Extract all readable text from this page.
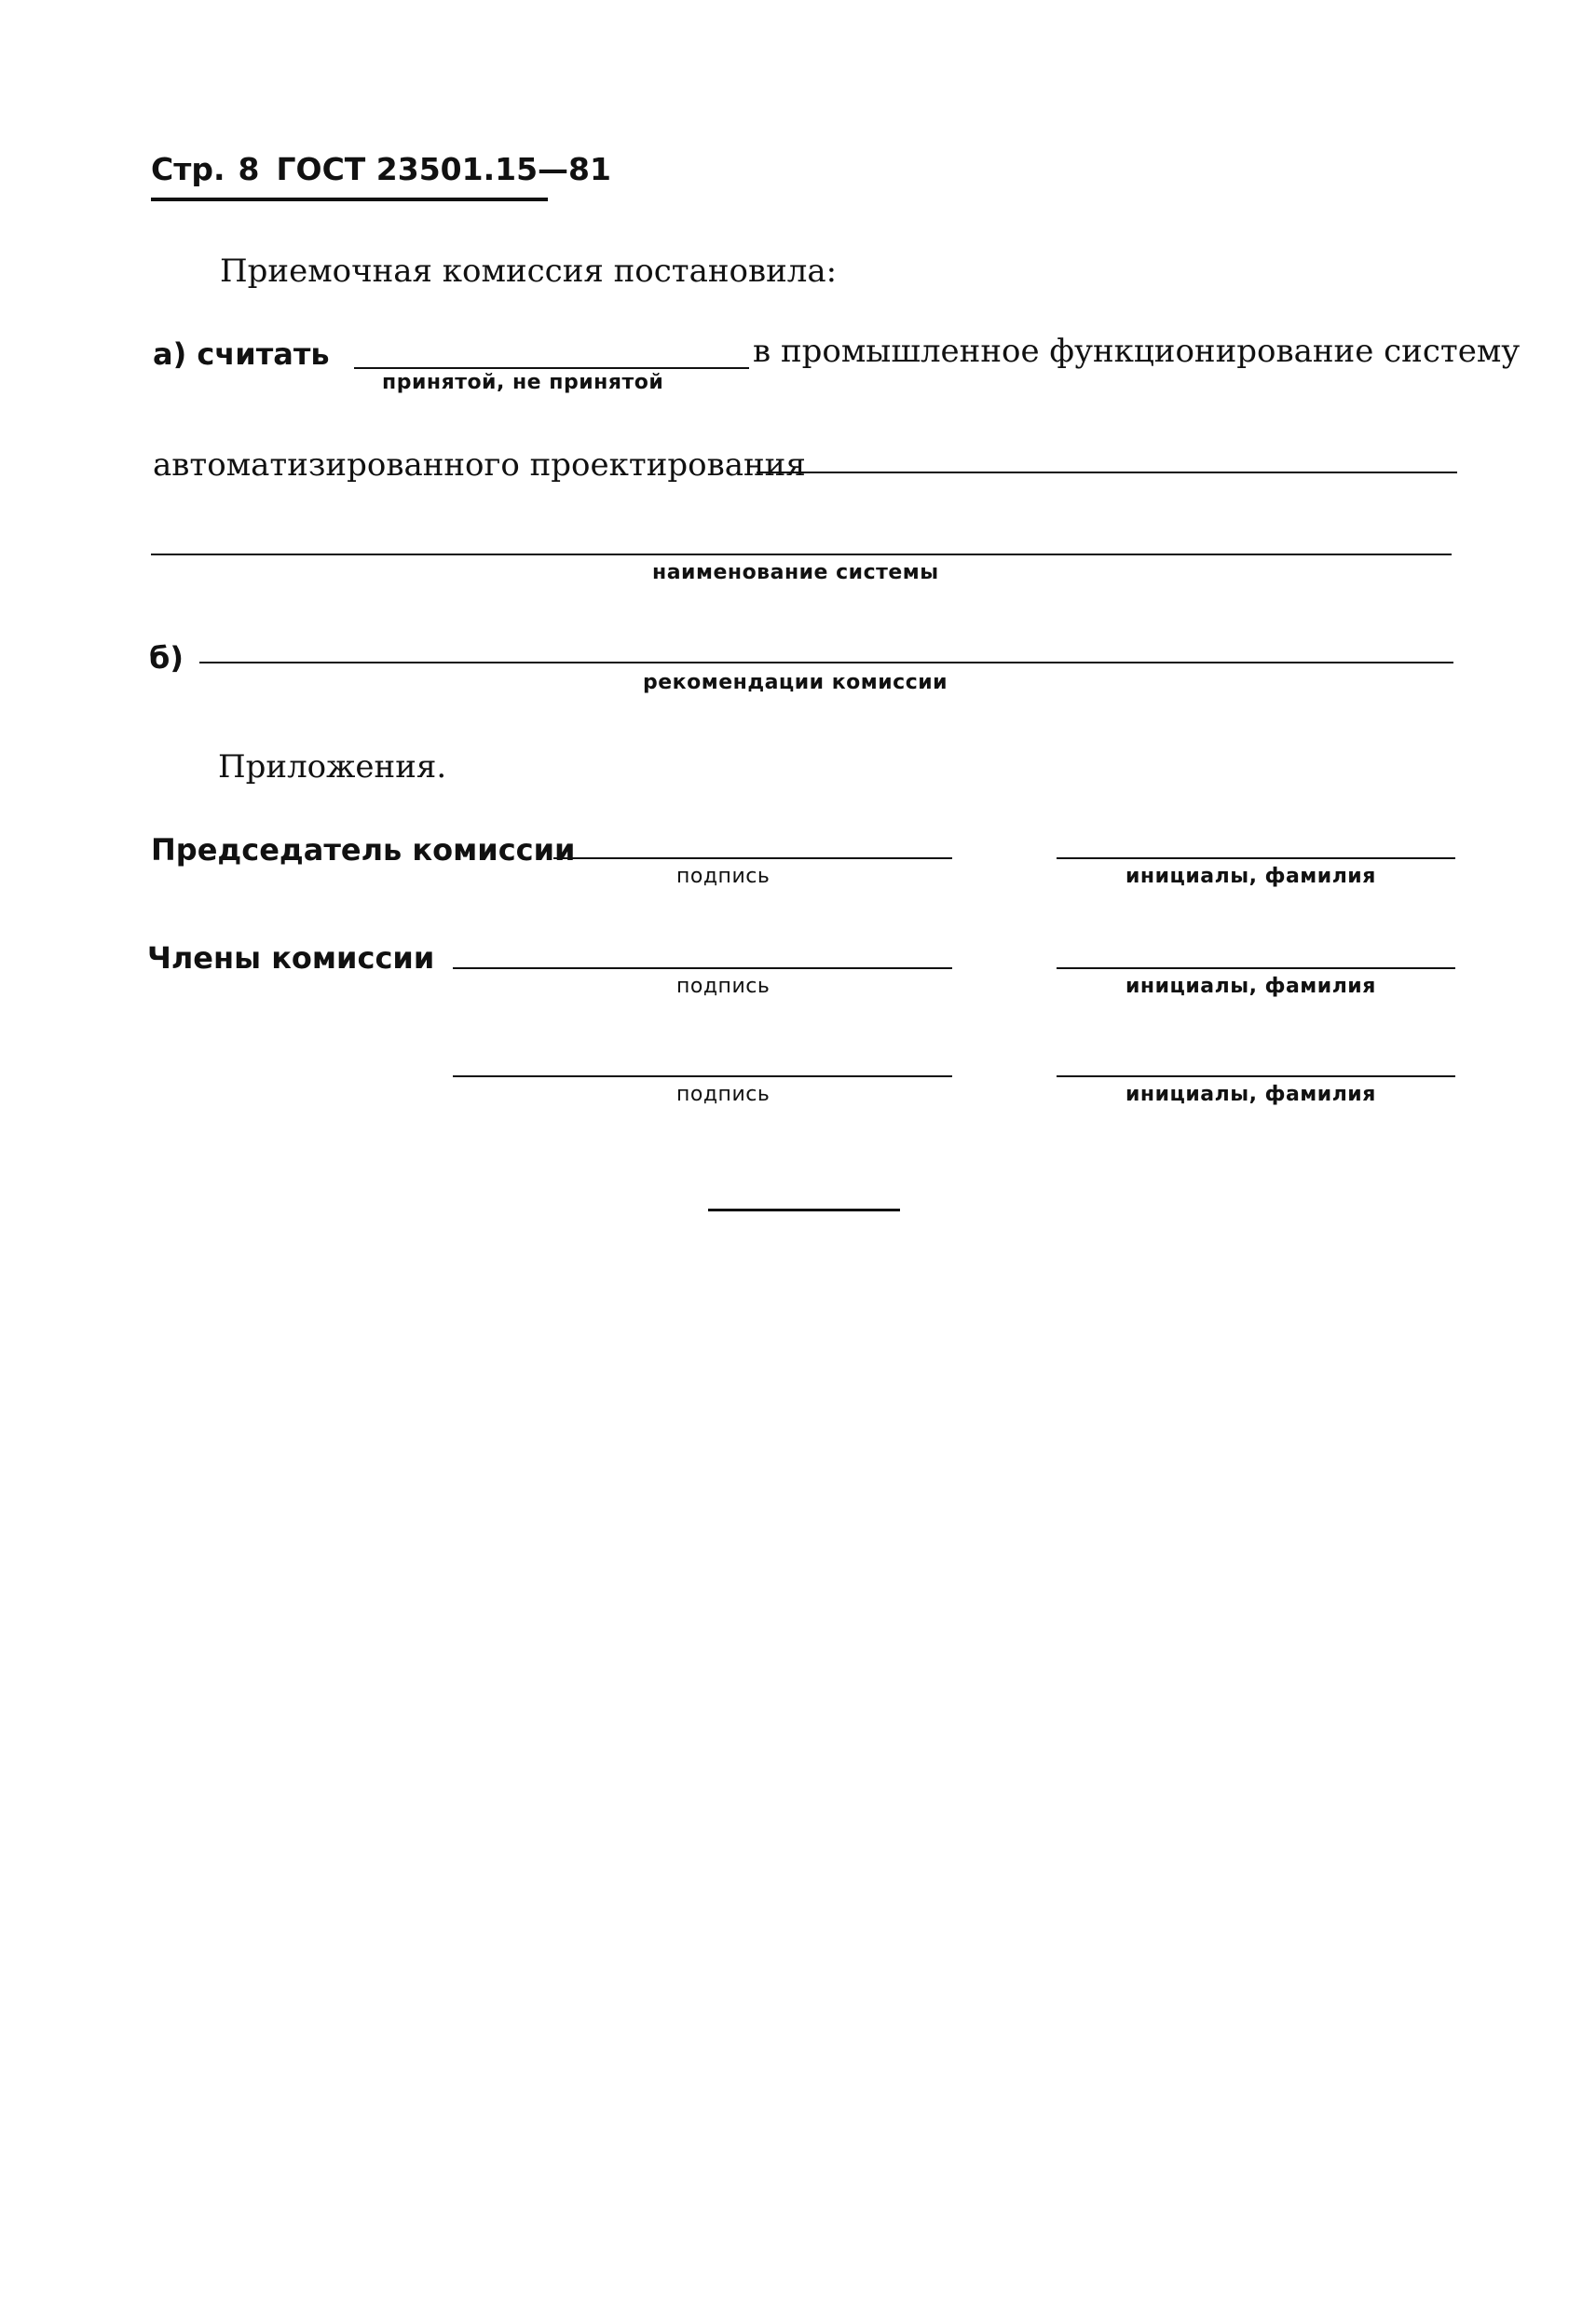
Стр. 8 ГОСТ 23501.15—81
Приемочная комиссия постановила:
а) считать	в промышленное функционирование систему
принятой, не принятой
автоматизированного проектирования
наименование системы
б)
рекомендации комиссии
Приложения.
Председатель комиссии
подпись	инициалы, фамилия
Члены комиссии
подпись	инициалы, фамилия
подпись	инициалы, фамилия
